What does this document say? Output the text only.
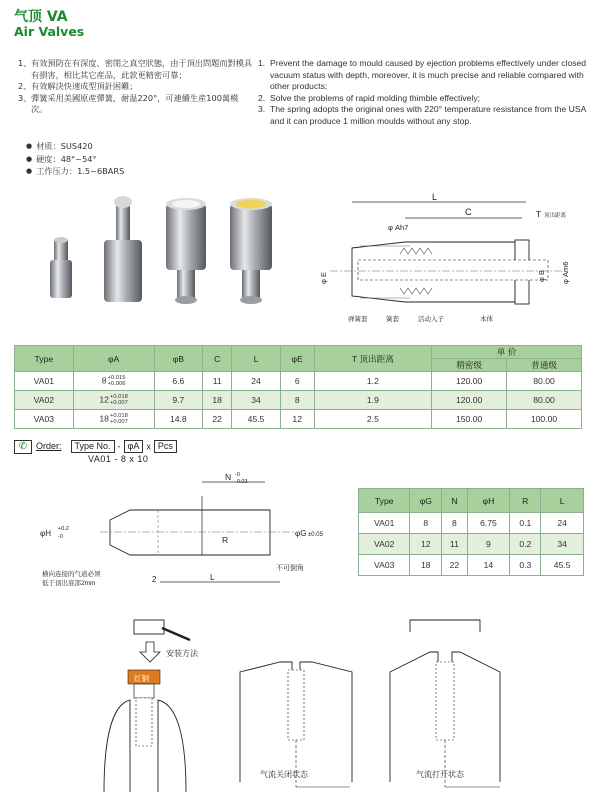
气顶 VA
Air Valves
1、 有效預防在有深度、密閉之真空狀態，由于頂出問題而對模具有損害，相比其它産品，此款更精密可靠；
2、 有效解決快速成型頂針困難；
3、 彈簧采用美國原産彈簧，耐温220°，可連續生産100萬模次。
● 材质 ： SUS420
● 硬度 ： 48°~54°
● 工作压力 ： 1.5~6BARS
1. Prevent the damage to mould caused by ejection problems effectively under closed vacuum status with depth, moreover, it is much precise and reliable compared with other products;
2. Solve the problems of rapid molding thimble effectively;
3. The spring adopts the original ones with 220° temperature resistance from the USA and it can produce 1 million moulds without any stop.
L
C	T 顶出距离
φ Ah7
φ E	φ B φ Am6
弹簧套	簧套	活动入子	本体
Type	φA	φB	C	L	φE	T 顶出距离	单 价	
							精密级	普通级
VA01	8 +0.015
+0.006	6.6	11	24	6	1.2	120.00	80.00
VA02	12 +0.018
+0.007	9.7	18	34	8	1.9	120.00	80.00
VA03	18 +0.018
+0.007	14.8	22	45.5	12	2.5	150.00	100.00
✆ Order: Type No. - φA x Pcs
VA01 - 8 x 10
N -0
-0.03
φH +0.2
-0	R
φG ±0.05
不可倒角
横向连接的气道必须
低于顶出底部2mm	2	L
Type	φG	N	φH	R	L
VA01	8	8	6.75	0.1	24
VA02	12	11	9	0.2	34
VA03	18	22	14	0.3	45.5
安装方法
红铜
气流关闭状态	气流打开状态
